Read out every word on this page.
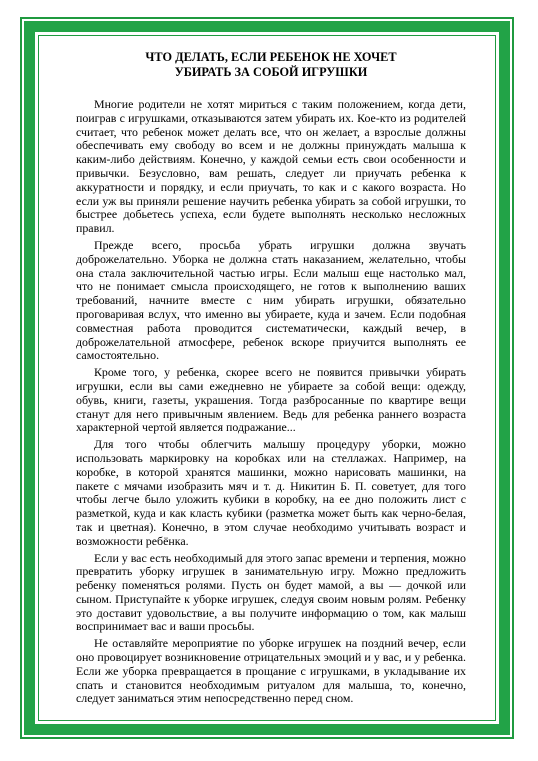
ЧТО ДЕЛАТЬ, ЕСЛИ РЕБЕНОК НЕ ХОЧЕТ
УБИРАТЬ ЗА СОБОЙ ИГРУШКИ

Многие родители не хотят мириться с таким положением, когда дети, поиграв с игрушками, отказываются затем убирать их. Кое-кто из родителей считает, что ребенок может делать все, что он желает, а взрослые должны обеспечивать ему свободу во всем и не должны принуждать малыша к каким-либо действиям. Конечно, у каждой семьи есть свои особенности и привычки. Безусловно, вам решать, следует ли приучать ребенка к аккуратности и порядку, и если приучать, то как и с какого возраста. Но если уж вы приняли решение научить ребенка убирать за собой игрушки, то быстрее добьетесь успеха, если будете выполнять несколько несложных правил.

Прежде всего, просьба убрать игрушки должна звучать доброжелательно. Уборка не должна стать наказанием, желательно, чтобы она стала заключительной частью игры. Если малыш еще настолько мал, что не понимает смысла происходящего, не готов к выполнению ваших требований, начните вместе с ним убирать игрушки, обязательно проговаривая вслух, что именно вы убираете, куда и зачем. Если подобная совместная работа проводится систематически, каждый вечер, в доброжелательной атмосфере, ребенок вскоре приучится выполнять ее самостоятельно.

Кроме того, у ребенка, скорее всего не появится привычки убирать игрушки, если вы сами ежедневно не убираете за собой вещи: одежду, обувь, книги, газеты, украшения. Тогда разбросанные по квартире вещи станут для него привычным явлением. Ведь для ребенка раннего возраста характерной чертой является подражание...

Для того чтобы облегчить малышу процедуру уборки, можно использовать маркировку на коробках или на стеллажах. Например, на коробке, в которой хранятся машинки, можно нарисовать машинки, на пакете с мячами изобразить мяч и т. д. Никитин Б. П. советует, для того чтобы легче было уложить кубики в коробку, на ее дно положить лист с разметкой, куда и как класть кубики (разметка может быть как черно-белая, так и цветная). Конечно, в этом случае необходимо учитывать возраст и возможности ребёнка.

Если у вас есть необходимый для этого запас времени и терпения, можно превратить уборку игрушек в занимательную игру. Можно предложить ребенку поменяться ролями. Пусть он будет мамой, а вы — дочкой или сыном. Приступайте к уборке игрушек, следуя своим новым ролям. Ребенку это доставит удовольствие, а вы получите информацию о том, как малыш воспринимает вас и ваши просьбы.

Не оставляйте мероприятие по уборке игрушек на поздний вечер, если оно провоцирует возникновение отрицательных эмоций и у вас, и у ребенка. Если же уборка превращается в прощание с игрушками, в укладывание их спать и становится необходимым ритуалом для малыша, то, конечно, следует заниматься этим непосредственно перед сном.
